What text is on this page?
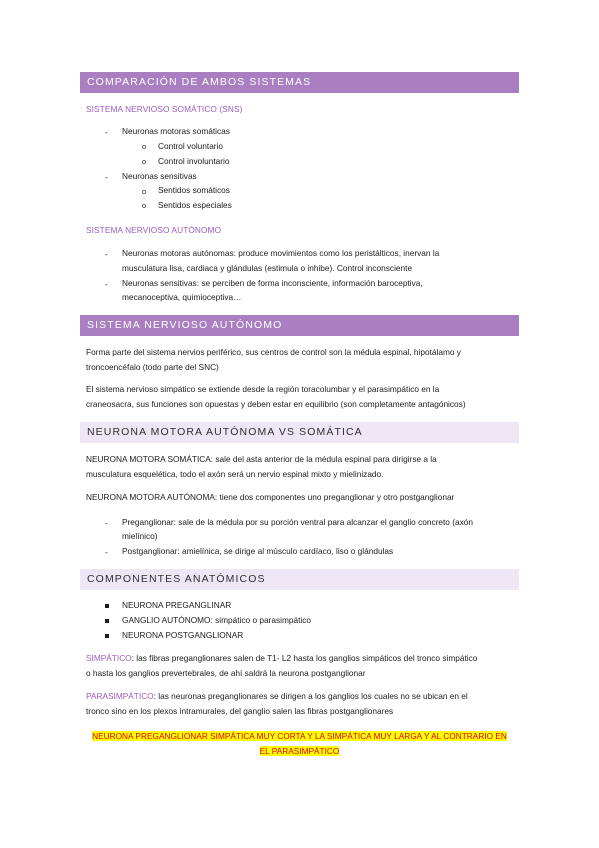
COMPARACIÓN DE AMBOS SISTEMAS
SISTEMA NERVIOSO SOMÁTICO (SNS)
- Neuronas motoras somáticas
o Control voluntario
o Control involuntario
- Neuronas sensitivas
o Sentidos somáticos
o Sentidos especiales
SISTEMA NERVIOSO AUTÓNOMO
- Neuronas motoras autónomas: produce movimientos como los peristálticos, inervan la
musculatura lisa, cardiaca y glándulas (estimula o inhibe). Control inconsciente
- Neuronas sensitivas: se perciben de forma inconsciente, información baroceptiva,
mecanoceptiva, quimioceptiva…
SISTEMA NERVIOSO AUTÓNOMO
Forma parte del sistema nervios periférico, sus centros de control son la médula espinal, hipotálamo y
troncoencéfalo (todo parte del SNC)
El sistema nervioso simpático se extiende desde la región toracolumbar y el parasimpático en la
craneosacra, sus funciones son opuestas y deben estar en equilibrio (son completamente antagónicos)
NEURONA MOTORA AUTÓNOMA VS SOMÁTICA
NEURONA MOTORA SOMÁTICA: sale del asta anterior de la médula espinal para dirigirse a la
musculatura esquelética, todo el axón será un nervio espinal mixto y mielinizado.
NEURONA MOTORA AUTÓNOMA: tiene dos componentes uno preganglionar y otro postganglionar
- Preganglionar: sale de la médula por su porción ventral para alcanzar el ganglio concreto (axón
mielínico)
- Postganglionar: amielínica, se dirige al músculo cardíaco, liso o glándulas
COMPONENTES ANATÓMICOS
NEURONA PREGANGLINAR
GANGLIO AUTÓNOMO: simpático o parasimpático
NEURONA POSTGANGLIONAR
SIMPÁTICO: las fibras preganglionares salen de T1- L2 hasta los ganglios simpáticos del tronco simpático
o hasta los ganglios prevertebrales, de ahí saldrá la neurona postganglionar
PARASIMPÁTICO: las neuronas preganglionares se dirigen a los ganglios los cuales no se ubican en el
tronco sino en los plexos intramurales, del ganglio salen las fibras postganglionares
NEURONA PREGANGLIONAR SIMPÁTICA MUY CORTA Y LA SIMPÁTICA MUY LARGA Y AL CONTRARIO EN
EL PARASIMPÁTICO
